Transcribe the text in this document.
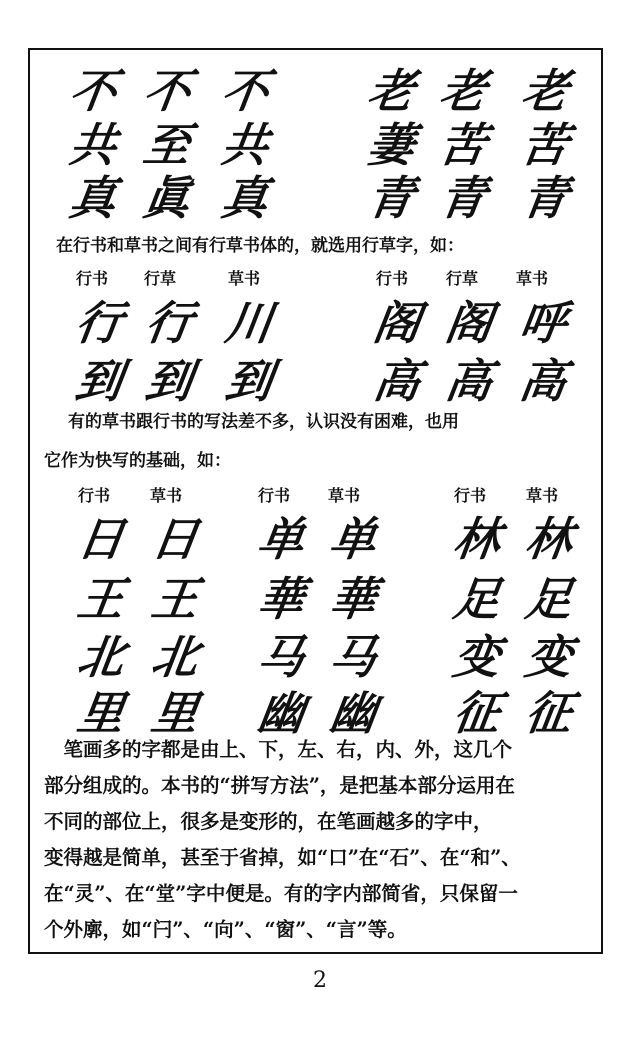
不 不 不 老 老 老
共 至 共 萋 苦 苦
真 眞 真 青 青 青
在行书和草书之间有行草书体的，就选用行草字，如：
行书 行草	草书	行书 行草 草书
行 行 川 阁 阁 呼
到 到 到 高 高 高
有的草书跟行书的写法差不多，认识没有困难，也用
它作为快写的基础，如：
行书 草书	行书 草书	行书 草书
日 日 单 单 林 林
王 王 華 華 足 足
北 北 马 马 变 变
里 里 幽 幽 征 征
　笔画多的字都是由上、下，左、右，内、外，这几个
部分组成的。本书的“拼写方法”，是把基本部分运用在
不同的部位上，很多是变形的，在笔画越多的字中，
变得越是简单，甚至于省掉，如“口”在“石”、在“和”、
在“灵”、在“堂”字中便是。有的字内部简省，只保留一
个外廓，如“闩”、“向”、“窗”、“言”等。
2
